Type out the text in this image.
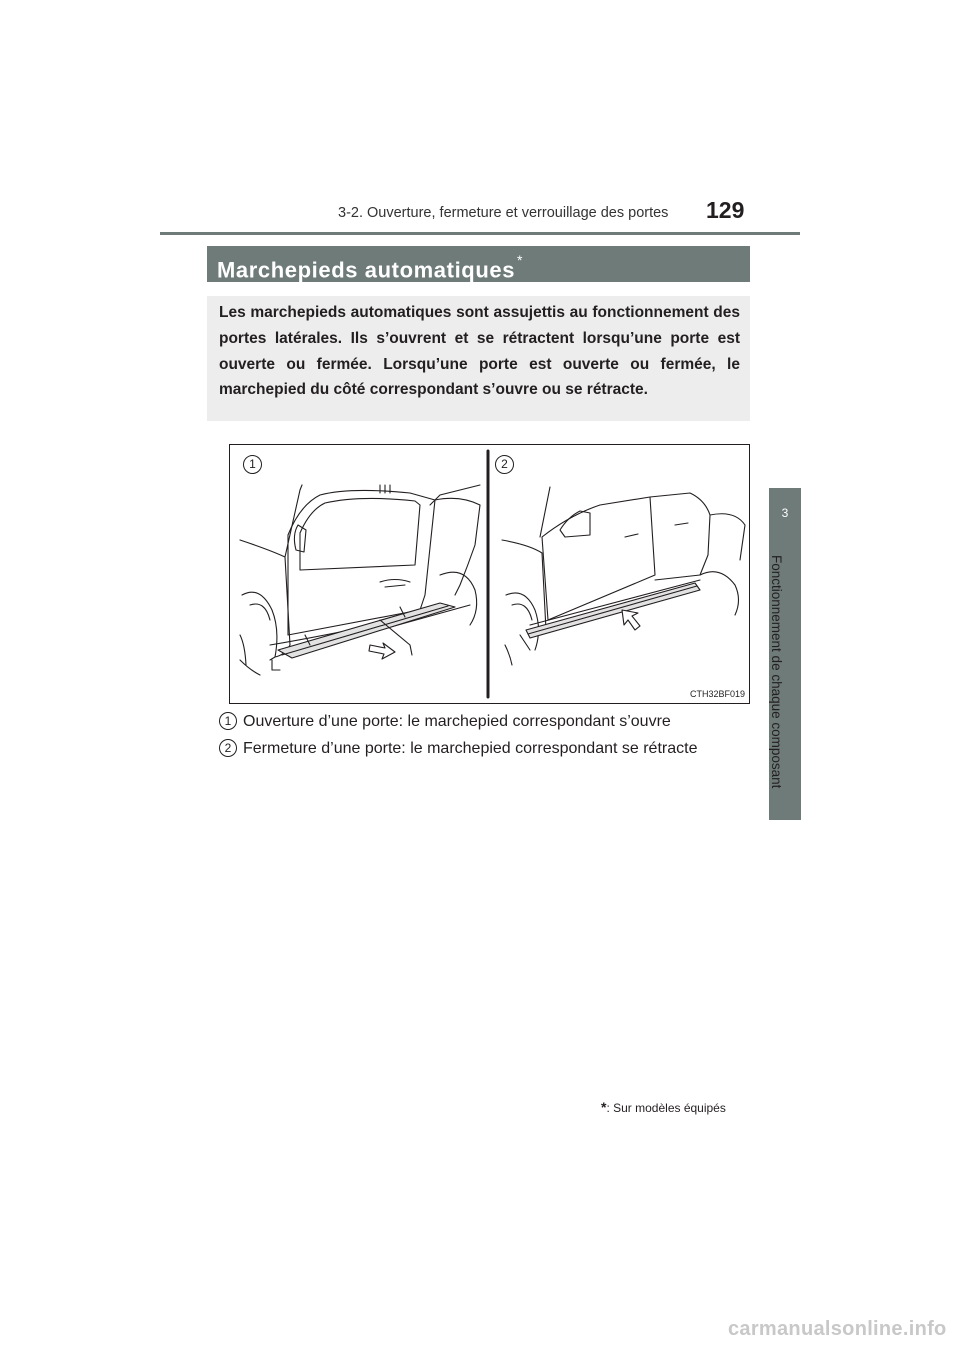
3-2. Ouverture, fermeture et verrouillage des portes 129
3
Fonctionnement de chaque composant
Marchepieds automatiques *

Les marchepieds automatiques sont assujettis au fonctionnement des portes latérales. Ils s’ouvrent et se rétractent lorsqu’une porte est ouverte ou fermée. Lorsqu’une porte est ouverte ou fermée, le marchepied du côté correspondant s’ouvre ou se rétracte.

1	2
CTH32BF019
1 Ouverture d’une porte: le marchepied correspondant s’ouvre
2 Fermeture d’une porte: le marchepied correspondant se rétracte
*: Sur modèles équipés
carmanualsonline.info
